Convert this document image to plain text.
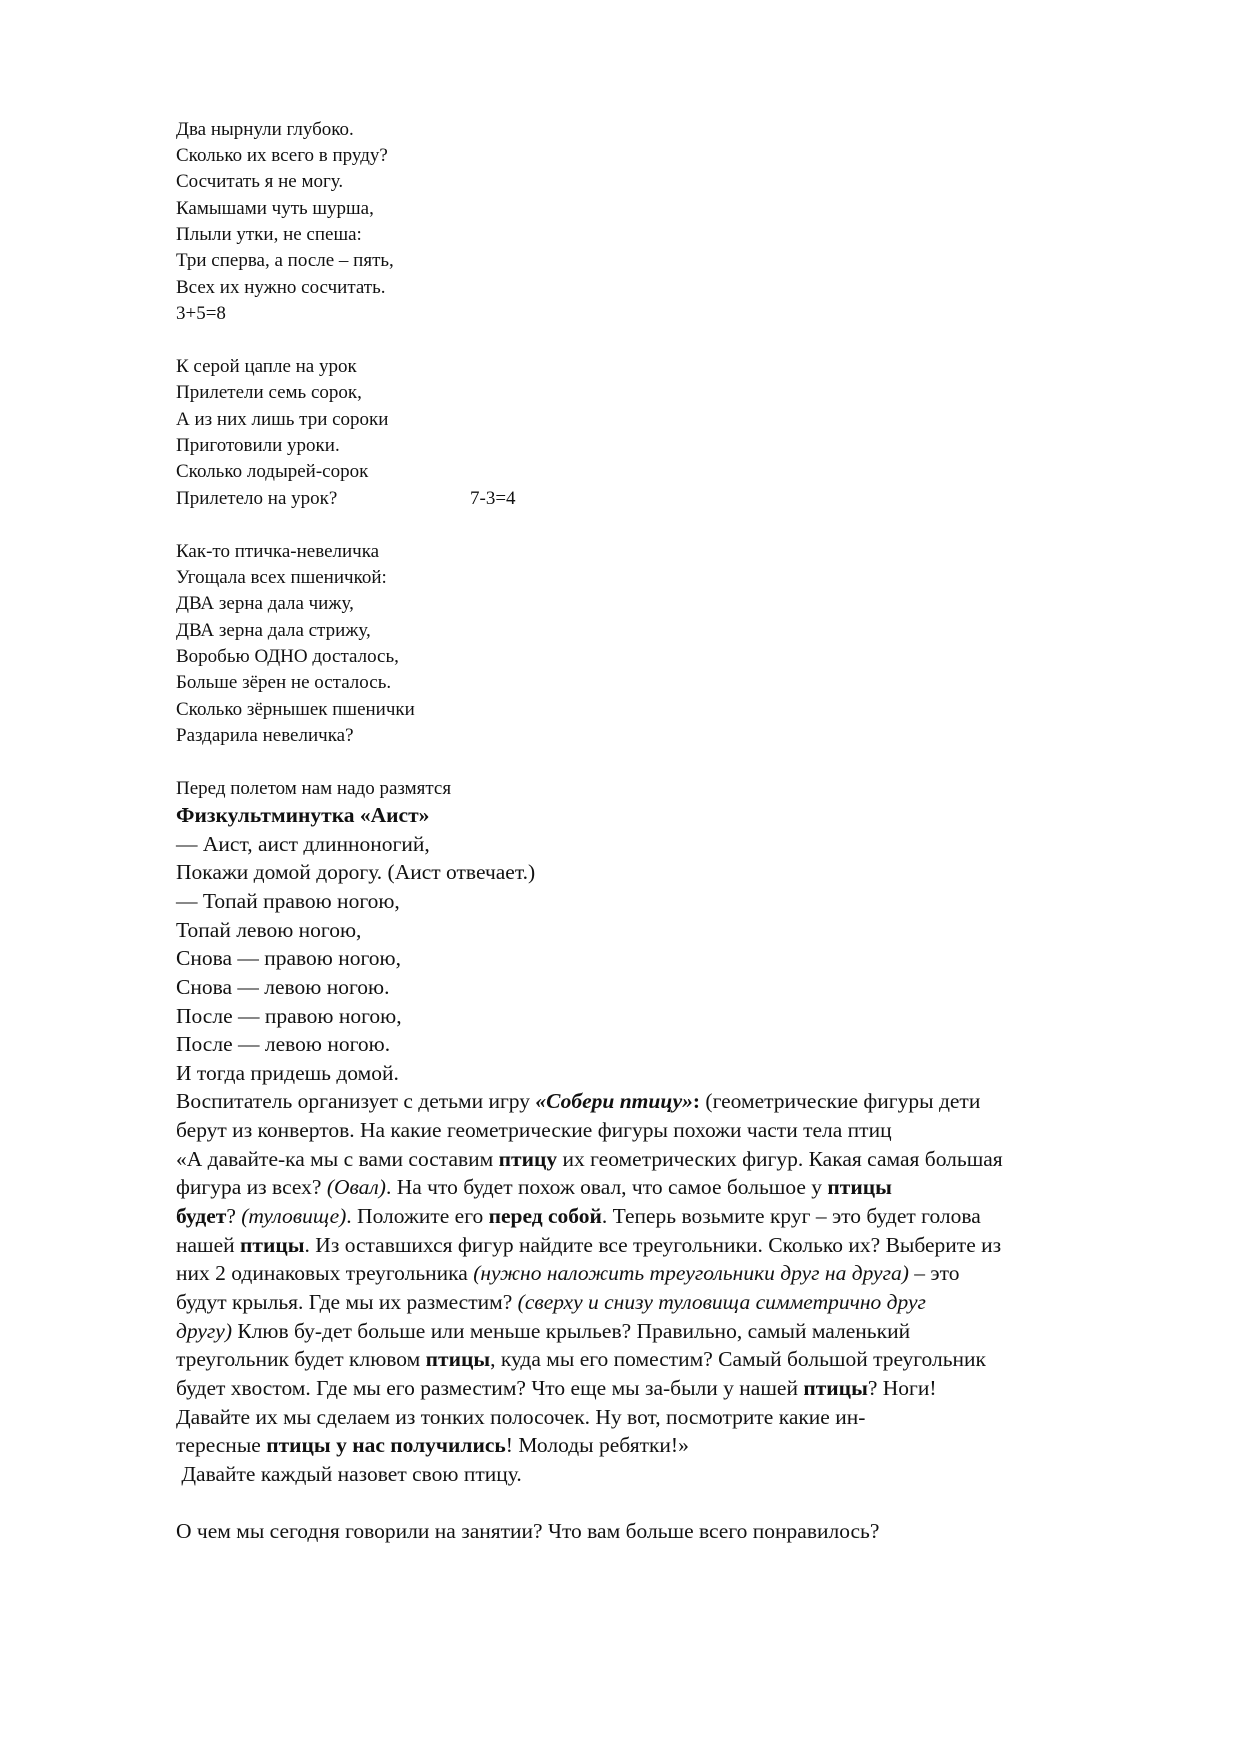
Два нырнули глубоко.
Сколько их всего в пруду?
Сосчитать я не могу.
Камышами чуть шурша,
Плыли утки, не спеша:
Три сперва, а после – пять,
Всех их нужно сосчитать.
3+5=8
К серой цапле на урок
Прилетели семь сорок,
А из них лишь три сороки
Приготовили уроки.
Сколько лодырей-сорок
Прилетело на урок?	7-3=4
Как-то птичка-невеличка
Угощала всех пшеничкой:
ДВА зерна дала чижу,
ДВА зерна дала стрижу,
Воробью ОДНО досталось,
Больше зёрен не осталось.
Сколько зёрнышек пшенички
Раздарила невеличка?
Перед полетом нам надо размятся
Физкультминутка «Аист»
— Аист, аист длинноногий,
Покажи домой дорогу. (Аист отвечает.)
— Топай правою ногою,
Топай левою ногою,
Снова — правою ногою,
Снова — левою ногою.
После — правою ногою,
После — левою ногою.
И тогда придешь домой.
Воспитатель организует с детьми игру «Собери птицу»: (геометрические фигуры дети
берут из конвертов. На какие геометрические фигуры похожи части тела птиц
«А давайте-ка мы с вами составим птицу их геометрических фигур. Какая самая большая
фигура из всех? (Овал). На что будет похож овал, что самое большое у птицы
будет? (туловище). Положите его перед собой. Теперь возьмите круг – это будет голова
нашей птицы. Из оставшихся фигур найдите все треугольники. Сколько их? Выберите из
них 2 одинаковых треугольника (нужно наложить треугольники друг на друга) – это
будут крылья. Где мы их разместим? (сверху и снизу туловища симметрично друг
другу) Клюв бу-дет больше или меньше крыльев? Правильно, самый маленький
треугольник будет клювом птицы, куда мы его поместим? Самый большой треугольник
будет хвостом. Где мы его разместим? Что еще мы за-были у нашей птицы? Ноги!
Давайте их мы сделаем из тонких полосочек. Ну вот, посмотрите какие ин-
тересные птицы у нас получились! Молоды ребятки!»
Давайте каждый назовет свою птицу.
О чем мы сегодня говорили на занятии? Что вам больше всего понравилось?
